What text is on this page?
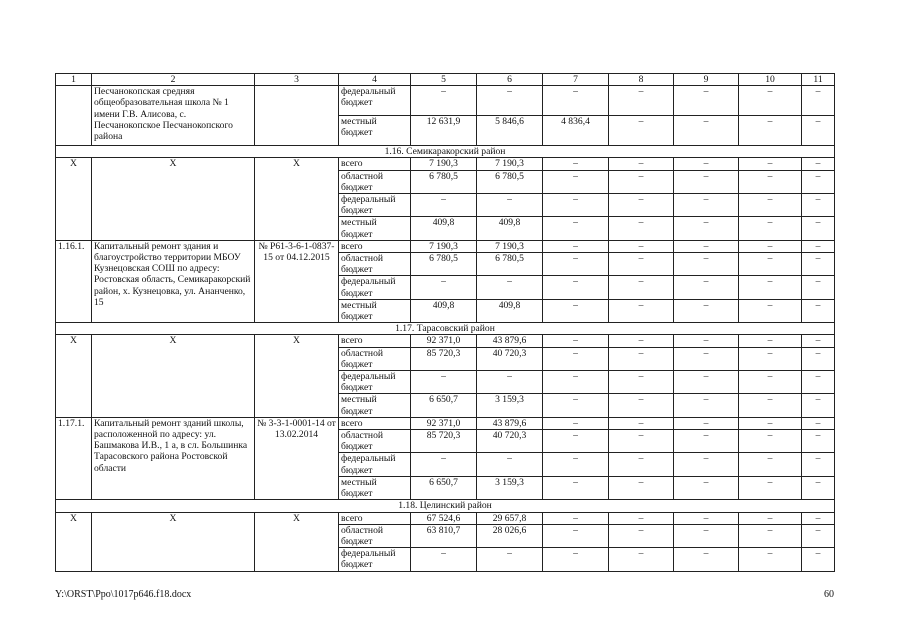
1	2	3	4	5	6	7	8	9	10	11
	Песчанокопская средняя общеобразовательная школа № 1 имени Г.В. Алисова, с. Песчанокопское Песчанокопского района		федеральный бюджет	–	–	–	–	–	–	–
			местный бюджет	12 631,9	5 846,6	4 836,4	–	–	–	–
1.16. Семикаракорский район										
Х	Х	Х	всего	7 190,3	7 190,3	–	–	–	–	–
			областной бюджет	6 780,5	6 780,5	–	–	–	–	–
			федеральный бюджет	–	–	–	–	–	–	–
			местный бюджет	409,8	409,8	–	–	–	–	–
1.16.1.	Капитальный ремонт здания и благоустройство территории МБОУ Кузнецовская СОШ по адресу: Ростовская область, Семикаракорский район, х. Кузнецовка, ул. Ананченко, 15	№ Р61-3-6-1-0837-15 от 04.12.2015	всего	7 190,3	7 190,3	–	–	–	–	–
			областной бюджет	6 780,5	6 780,5	–	–	–	–	–
			федеральный бюджет	–	–	–	–	–	–	–
			местный бюджет	409,8	409,8	–	–	–	–	–
1.17. Тарасовский район										
Х	Х	Х	всего	92 371,0	43 879,6	–	–	–	–	–
			областной бюджет	85 720,3	40 720,3	–	–	–	–	–
			федеральный бюджет	–	–	–	–	–	–	–
			местный бюджет	6 650,7	3 159,3	–	–	–	–	–
1.17.1.	Капитальный ремонт зданий школы, расположенной по адресу: ул. Башмакова И.В., 1 а, в сл. Большинка Тарасовского района Ростовской области	№ 3-3-1-0001-14 от 13.02.2014	всего	92 371,0	43 879,6	–	–	–	–	–
			областной бюджет	85 720,3	40 720,3	–	–	–	–	–
			федеральный бюджет	–	–	–	–	–	–	–
			местный бюджет	6 650,7	3 159,3	–	–	–	–	–
1.18. Целинский район										
Х	Х	Х	всего	67 524,6	29 657,8	–	–	–	–	–
			областной бюджет	63 810,7	28 026,6	–	–	–	–	–
			федеральный бюджет	–	–	–	–	–	–	–
Y:\ORST\Ppo\1017p646.f18.docx	60
